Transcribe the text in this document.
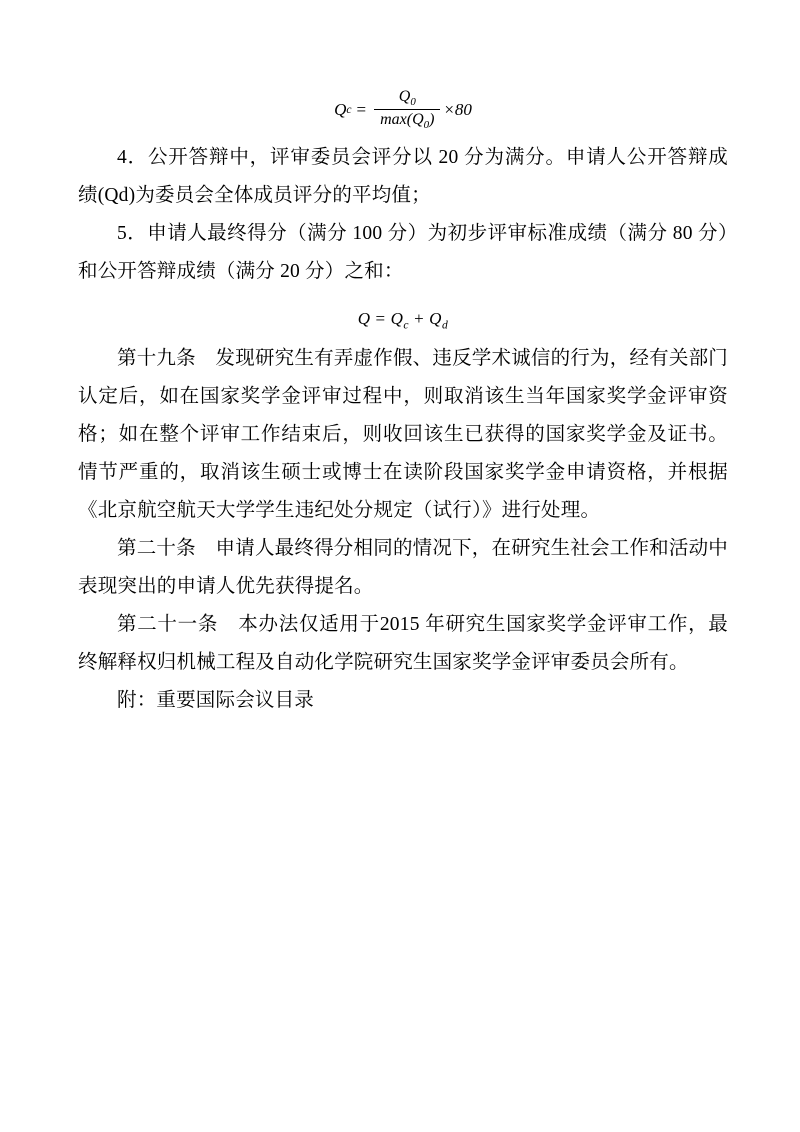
Q $c = \frac{Q_0}{\max(Q_0)} \times 80$

4．公开答辩中，评审委员会评分以 20 分为满分。申请人公开答辩成绩(Qd)为委员会全体成员评分的平均值；

5．申请人最终得分（满分 100 分）为初步评审标准成绩（满分 80 分）和公开答辩成绩（满分 20 分）之和：

$Q = Q_c + Q_d$

第十九条　发现研究生有弄虚作假、违反学术诚信的行为，经有关部门认定后，如在国家奖学金评审过程中，则取消该生当年国家奖学金评审资格；如在整个评审工作结束后，则收回该生已获得的国家奖学金及证书。情节严重的，取消该生硕士或博士在读阶段国家奖学金申请资格，并根据《北京航空航天大学学生违纪处分规定（试行）》进行处理。

第二十条　申请人最终得分相同的情况下，在研究生社会工作和活动中表现突出的申请人优先获得提名。

第二十一条　本办法仅适用于2015 年研究生国家奖学金评审工作，最终解释权归机械工程及自动化学院研究生国家奖学金评审委员会所有。

附：重要国际会议目录
